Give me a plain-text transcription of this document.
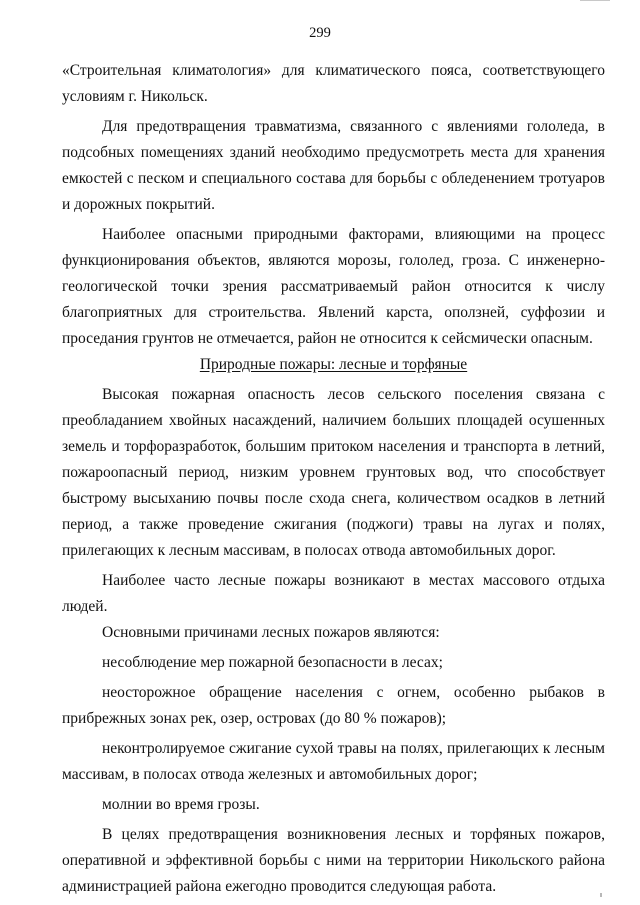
299

«Строительная климатология» для климатического пояса, соответствующего условиям г. Никольск.

Для предотвращения травматизма, связанного с явлениями гололеда, в подсобных помещениях зданий необходимо предусмотреть места для хранения емкостей с песком и специального состава для борьбы с обледенением тротуаров и дорожных покрытий.

Наиболее опасными природными факторами, влияющими на процесс функционирования объектов, являются морозы, гололед, гроза. С инженерно-геологической точки зрения рассматриваемый район относится к числу благоприятных для строительства. Явлений карста, оползней, суффозии и проседания грунтов не отмечается, район не относится к сейсмически опасным.

Природные пожары: лесные и торфяные

Высокая пожарная опасность лесов сельского поселения связана с преобладанием хвойных насаждений, наличием больших площадей осушенных земель и торфоразработок, большим притоком населения и транспорта в летний, пожароопасный период, низким уровнем грунтовых вод, что способствует быстрому высыханию почвы после схода снега, количеством осадков в летний период, а также проведение сжигания (поджоги) травы на лугах и полях, прилегающих к лесным массивам, в полосах отвода автомобильных дорог.

Наиболее часто лесные пожары возникают в местах массового отдыха людей.

Основными причинами лесных пожаров являются:

несоблюдение мер пожарной безопасности в лесах;

неосторожное обращение населения с огнем, особенно рыбаков в прибрежных зонах рек, озер, островах (до 80 % пожаров);

неконтролируемое сжигание сухой травы на полях, прилегающих к лесным массивам, в полосах отвода железных и автомобильных дорог;

молнии во время грозы.

В целях предотвращения возникновения лесных и торфяных пожаров, оперативной и эффективной борьбы с ними на территории Никольского района администрацией района ежегодно проводится следующая работа.
